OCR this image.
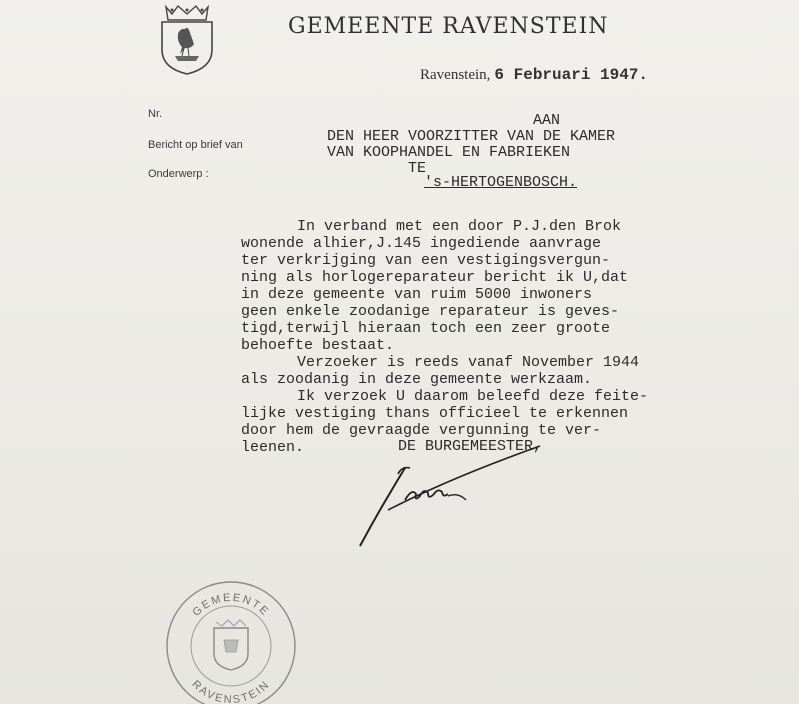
GEMEENTE RAVENSTEIN
Ravenstein, 6 Februari 1947.
Nr.
Bericht op brief van
Onderwerp :
AAN
DEN HEER VOORZITTER VAN DE KAMER
VAN KOOPHANDEL EN FABRIEKEN
TE
's-HERTOGENBOSCH.
In verband met een door P.J.den Brok
wonende alhier,J.145 ingediende aanvrage
ter verkrijging van een vestigingsvergun-
ning als horlogereparateur bericht ik U,dat
in deze gemeente van ruim 5000 inwoners
geen enkele zoodanige reparateur is geves-
tigd,terwijl hieraan toch een zeer groote
behoefte bestaat.
Verzoeker is reeds vanaf November 1944
als zoodanig in deze gemeente werkzaam.
Ik verzoek U daarom beleefd deze feite-
lijke vestiging thans officieel te erkennen
door hem de gevraagde vergunning te ver-
leenen.	DE BURGEMEESTER,
GEMEENTE
RAVENSTEIN
